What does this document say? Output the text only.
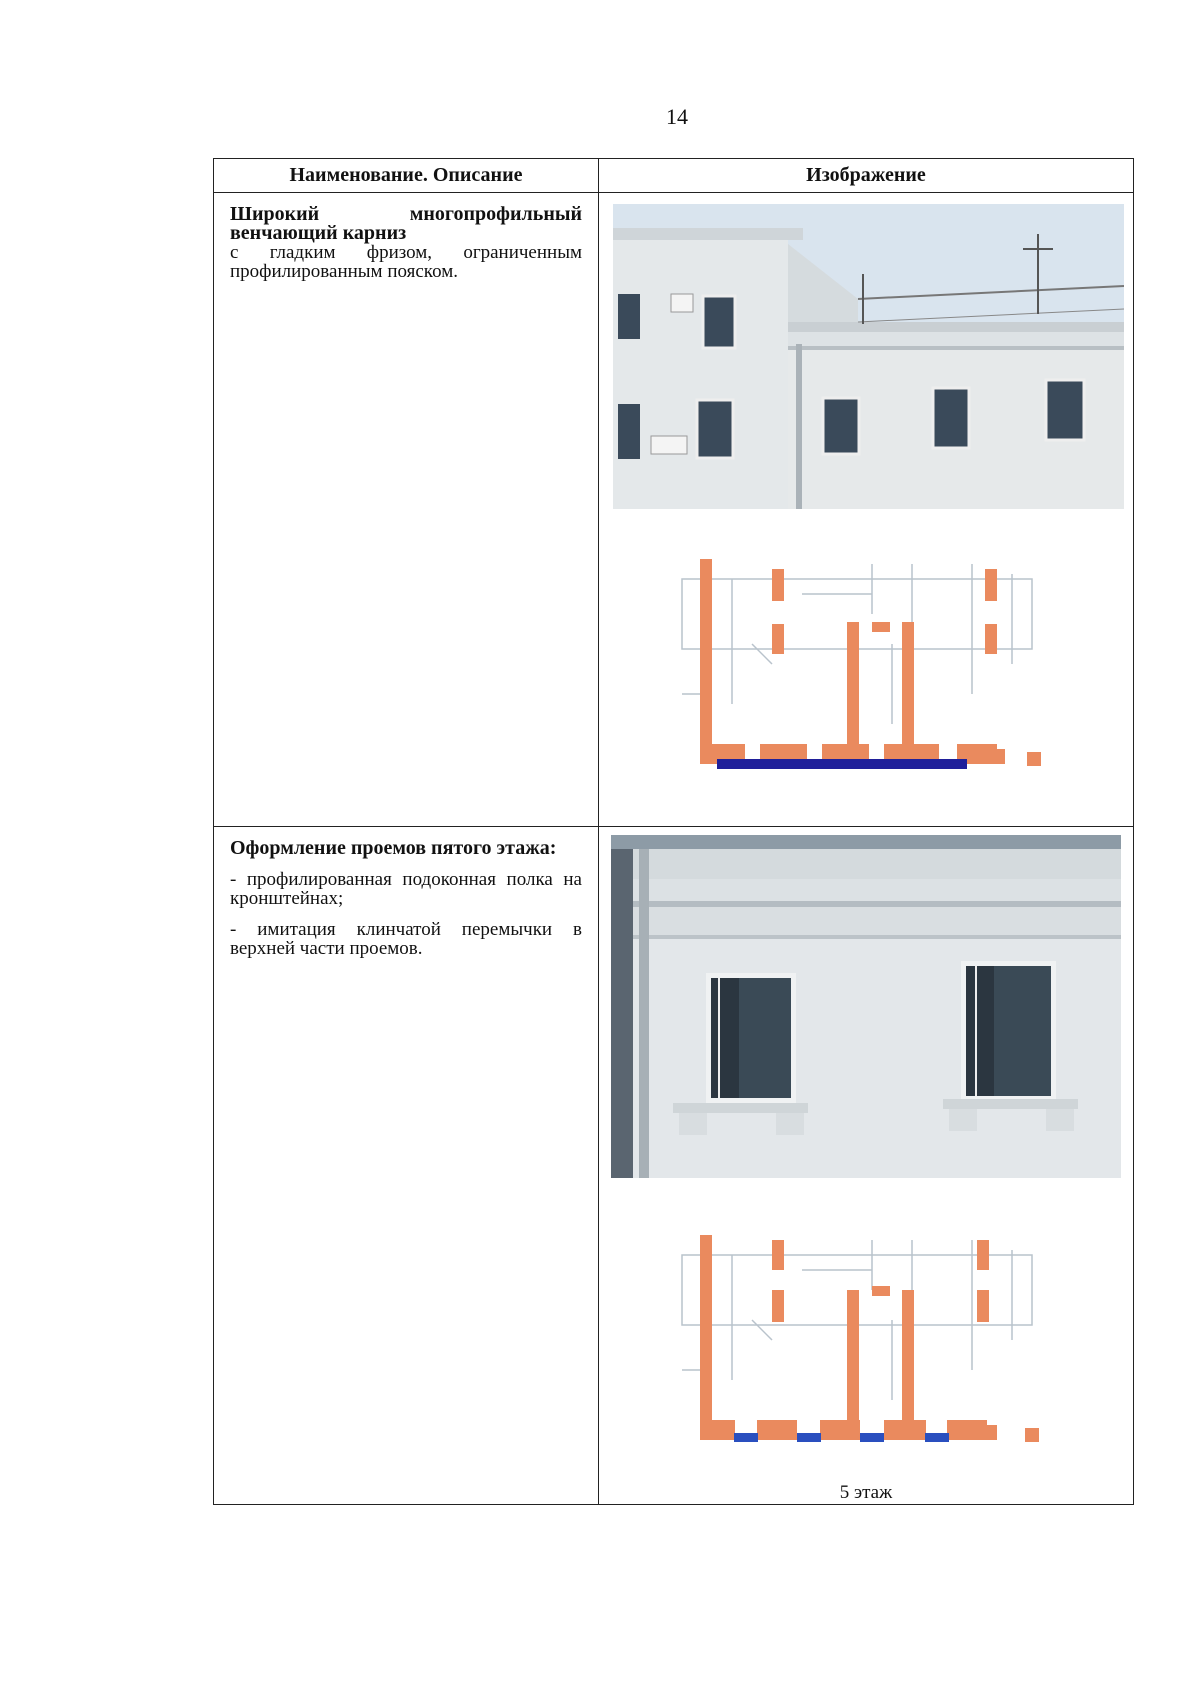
14
Наименование. Описание	Изображение

Широкий многопрофильный венчающий карниз
с гладким фризом, ограниченным профилированным пояском.

Оформление проемов пятого этажа:

- профилированная подоконная полка на кронштейнах;

- имитация клинчатой перемычки в верхней части проемов.	5 этаж
